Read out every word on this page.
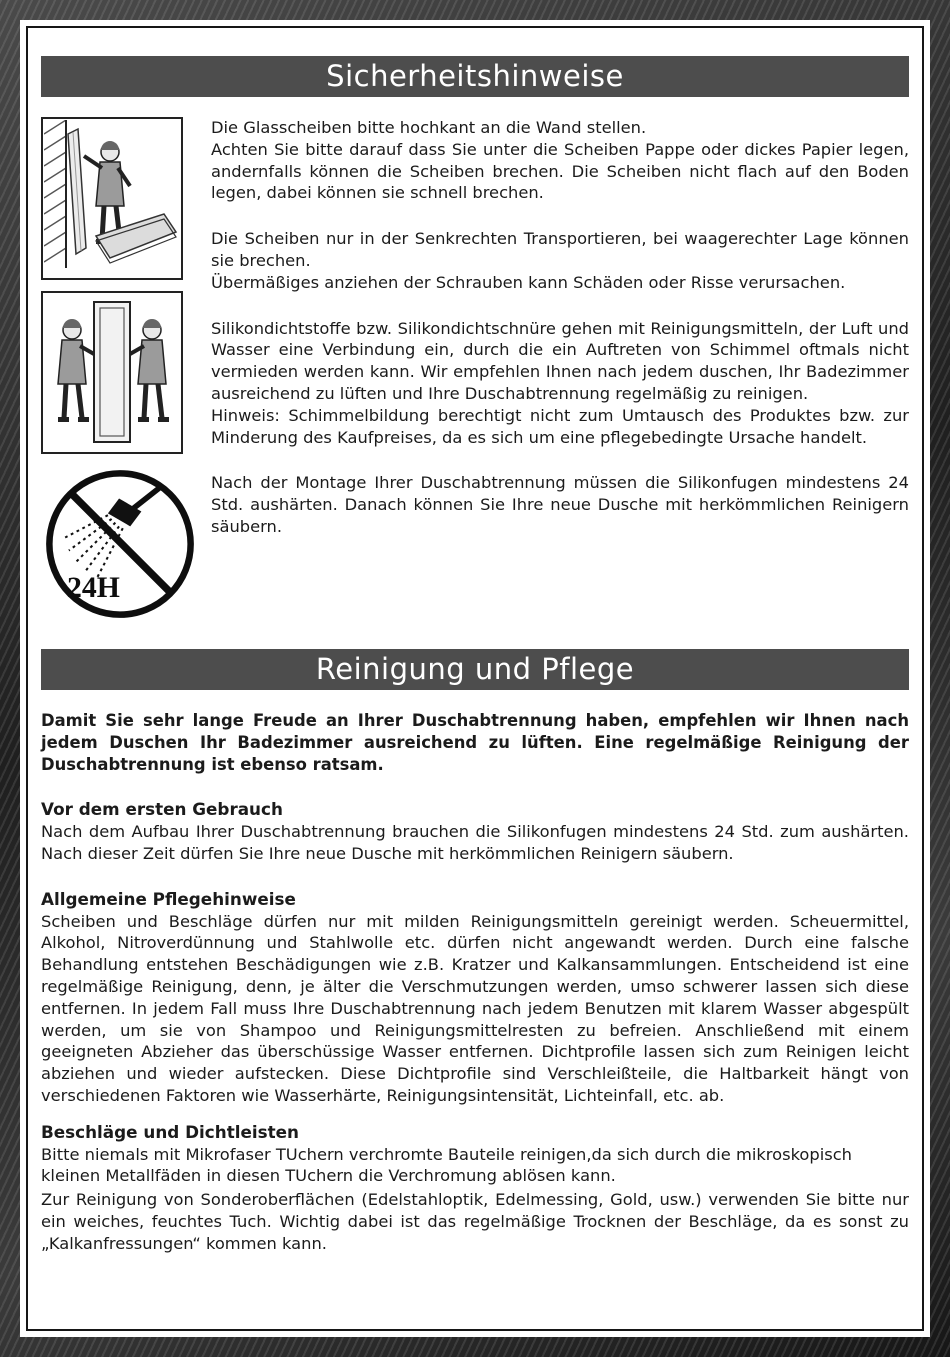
Sicherheitshinweise
24H
Die Glasscheiben bitte hochkant an die Wand stellen.
Achten Sie bitte darauf dass Sie unter die Scheiben Pappe oder dickes Papier legen, andernfalls können die Scheiben brechen. Die Scheiben nicht flach auf den Boden legen, dabei können sie schnell brechen.
Die Scheiben nur in der Senkrechten Transportieren, bei waagerechter Lage können sie brechen.
Übermäßiges anziehen der Schrauben kann Schäden oder Risse verursachen.
Silikondichtstoffe bzw. Silikondichtschnüre gehen mit Reinigungsmitteln, der Luft und Wasser eine Verbindung ein, durch die ein Auftreten von Schimmel oftmals nicht vermieden werden kann. Wir empfehlen Ihnen nach jedem duschen, Ihr Badezimmer ausreichend zu lüften und Ihre Duschabtrennung regelmäßig zu reinigen.
Hinweis: Schimmelbildung berechtigt nicht zum Umtausch des Produktes bzw. zur Minderung des Kaufpreises, da es sich um eine pflegebedingte Ursache handelt.
Nach der Montage Ihrer Duschabtrennung müssen die Silikonfugen mindestens 24 Std. aushärten. Danach können Sie Ihre neue Dusche mit herkömmlichen Reinigern säubern.
Reinigung und Pflege
Damit Sie sehr lange Freude an Ihrer Duschabtrennung haben, empfehlen wir Ihnen nach jedem Duschen Ihr Badezimmer ausreichend zu lüften. Eine regelmäßige Reinigung der Duschabtrennung ist ebenso ratsam.
Vor dem ersten Gebrauch
Nach dem Aufbau Ihrer Duschabtrennung brauchen die Silikonfugen mindestens 24 Std. zum aushärten. Nach dieser Zeit dürfen Sie Ihre neue Dusche mit herkömmlichen Reinigern säubern.
Allgemeine Pflegehinweise
Scheiben und Beschläge dürfen nur mit milden Reinigungsmitteln gereinigt werden. Scheuermittel, Alkohol, Nitroverdünnung und Stahlwolle etc. dürfen nicht angewandt werden. Durch eine falsche Behandlung entstehen Beschädigungen wie z.B. Kratzer und Kalkansammlungen. Entscheidend ist eine regelmäßige Reinigung, denn, je älter die Verschmutzungen werden, umso schwerer lassen sich diese entfernen. In jedem Fall muss Ihre Duschabtrennung nach jedem Benutzen mit klarem Wasser abgespült werden, um sie von Shampoo und Reinigungsmittelresten zu befreien. Anschließend mit einem geeigneten Abzieher das überschüssige Wasser entfernen. Dichtprofile lassen sich zum Reinigen leicht abziehen und wieder aufstecken. Diese Dichtprofile sind Verschleißteile, die Haltbarkeit hängt von verschiedenen Faktoren wie Wasserhärte, Reinigungsintensität, Lichteinfall, etc. ab.
Beschläge und Dichtleisten
Bitte niemals mit Mikrofaser TUchern verchromte Bauteile reinigen,da sich durch die mikroskopisch kleinen Metallfäden in diesen TUchern die Verchromung ablösen kann.
Zur Reinigung von Sonderoberflächen (Edelstahloptik, Edelmessing, Gold, usw.) verwenden Sie bitte nur ein weiches, feuchtes Tuch. Wichtig dabei ist das regelmäßige Trocknen der Beschläge, da es sonst zu „Kalkanfressungen“ kommen kann.
